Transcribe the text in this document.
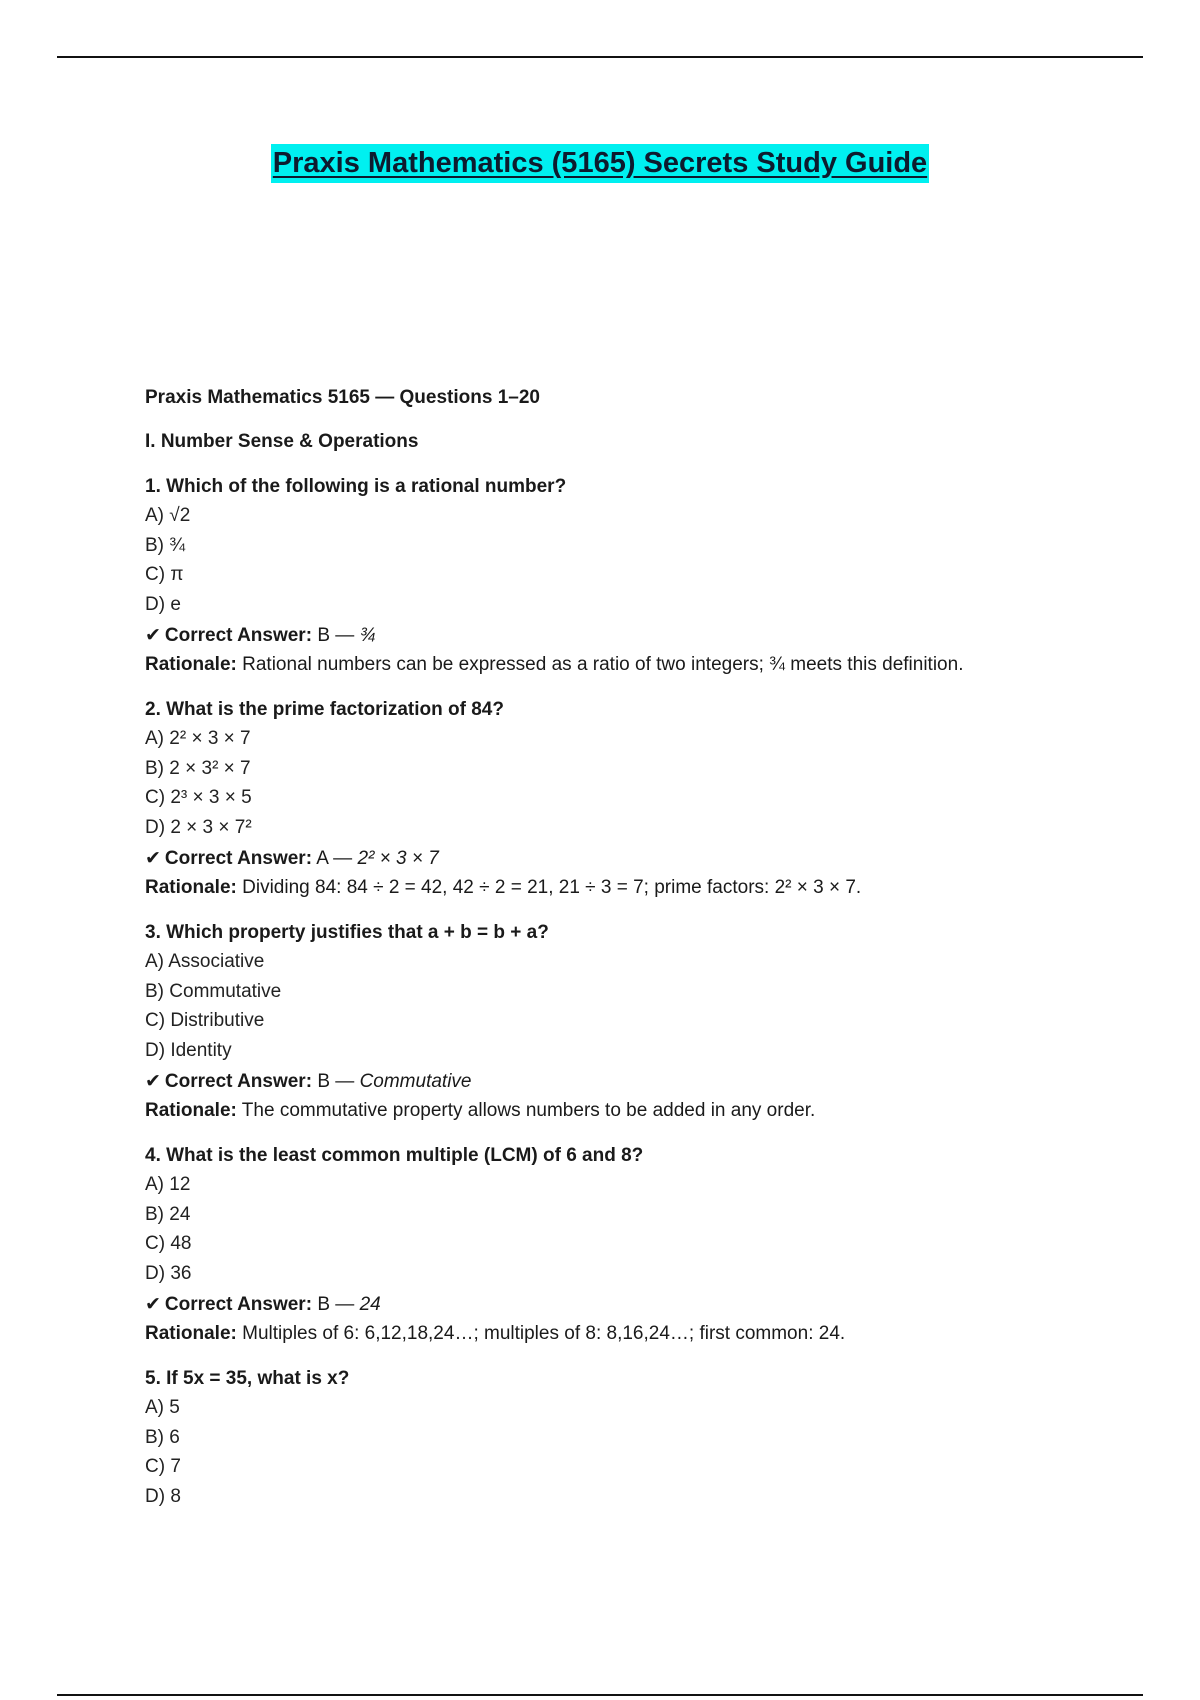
Praxis Mathematics (5165) Secrets Study Guide
Praxis Mathematics 5165 — Questions 1–20
I. Number Sense & Operations
1. Which of the following is a rational number?
A) √2
B) ¾
C) π
D) e
✔ Correct Answer: B — ¾
Rationale: Rational numbers can be expressed as a ratio of two integers; ¾ meets this definition.
2. What is the prime factorization of 84?
A) 2² × 3 × 7
B) 2 × 3² × 7
C) 2³ × 3 × 5
D) 2 × 3 × 7²
✔ Correct Answer: A — 2² × 3 × 7
Rationale: Dividing 84: 84 ÷ 2 = 42, 42 ÷ 2 = 21, 21 ÷ 3 = 7; prime factors: 2² × 3 × 7.
3. Which property justifies that a + b = b + a?
A) Associative
B) Commutative
C) Distributive
D) Identity
✔ Correct Answer: B — Commutative
Rationale: The commutative property allows numbers to be added in any order.
4. What is the least common multiple (LCM) of 6 and 8?
A) 12
B) 24
C) 48
D) 36
✔ Correct Answer: B — 24
Rationale: Multiples of 6: 6,12,18,24…; multiples of 8: 8,16,24…; first common: 24.
5. If 5x = 35, what is x?
A) 5
B) 6
C) 7
D) 8
